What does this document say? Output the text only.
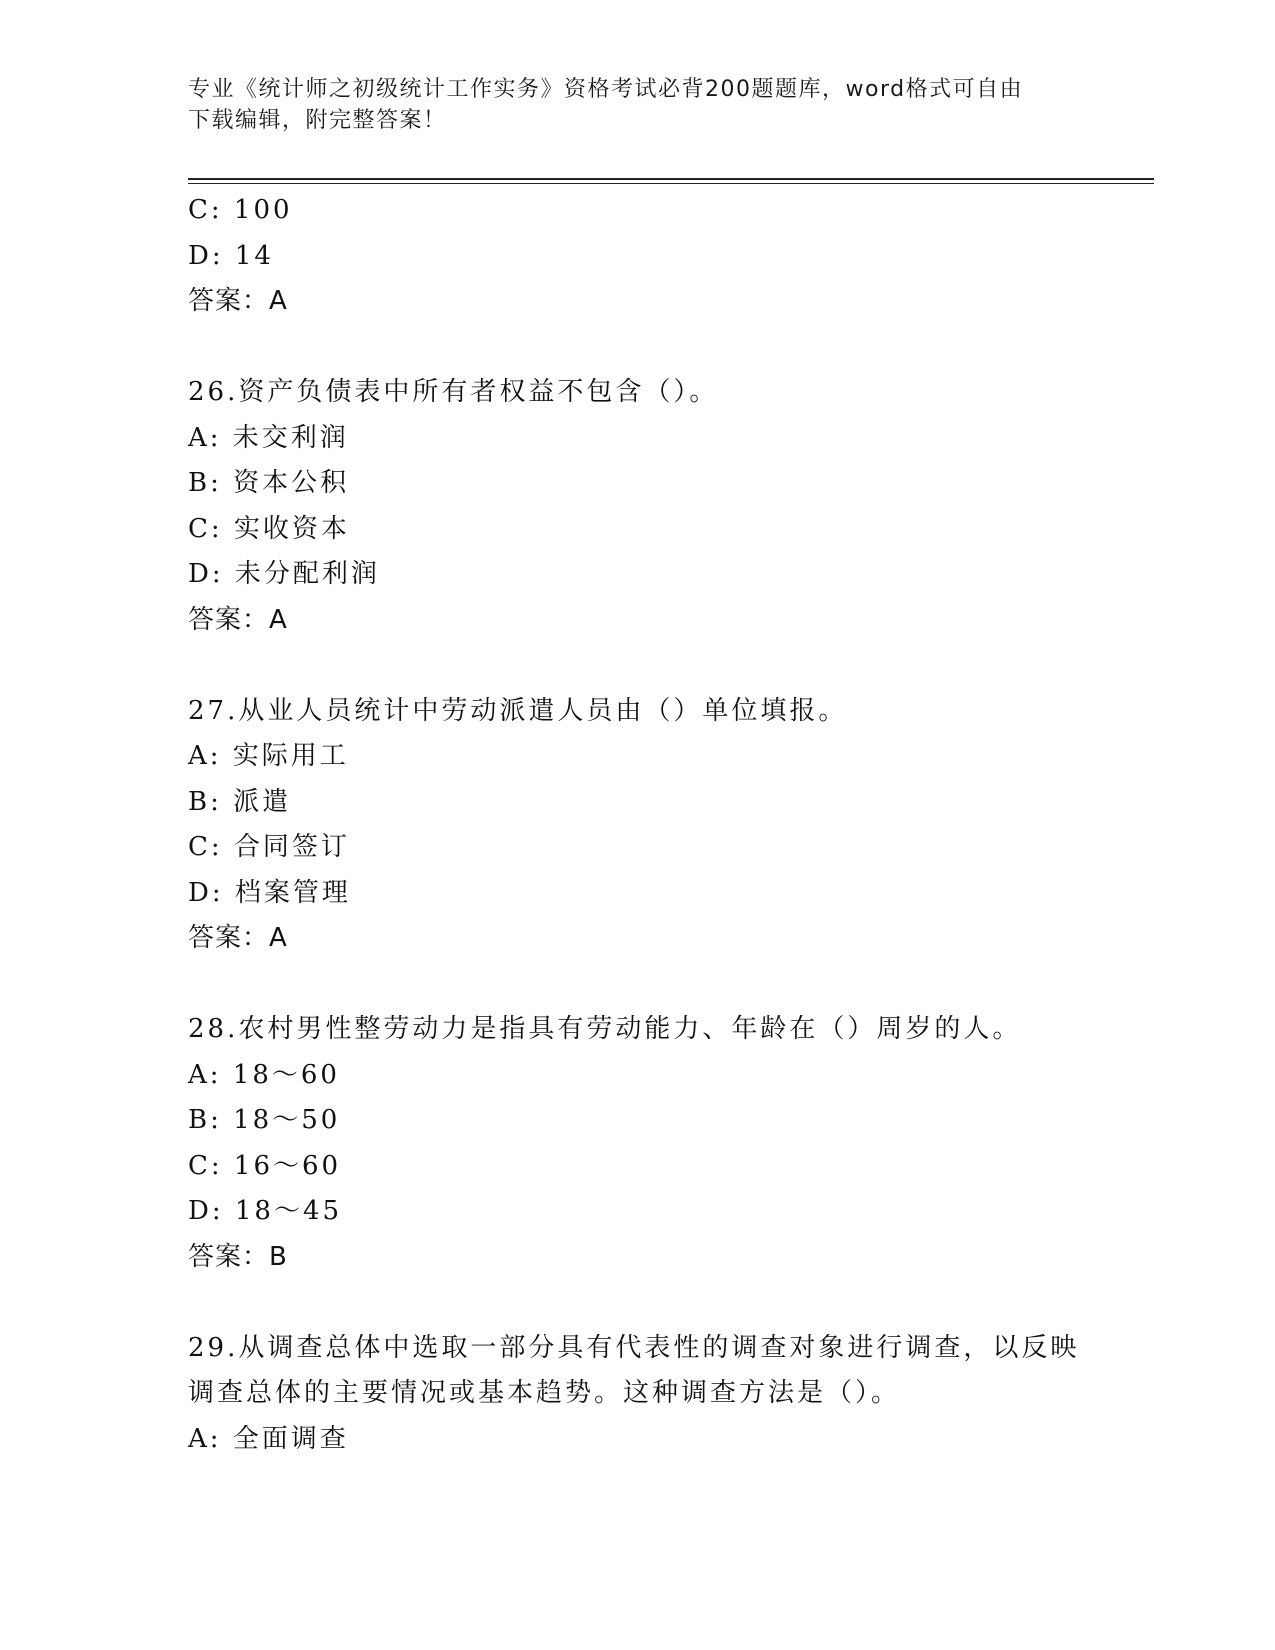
专业《统计师之初级统计工作实务》资格考试必背200题题库，word格式可自由
下载编辑，附完整答案！
C: 100
D: 14
答案：A
26.资产负债表中所有者权益不包含（）。
A: 未交利润
B: 资本公积
C: 实收资本
D: 未分配利润
答案：A
27.从业人员统计中劳动派遣人员由（）单位填报。
A: 实际用工
B: 派遣
C: 合同签订
D: 档案管理
答案：A
28.农村男性整劳动力是指具有劳动能力、年龄在（）周岁的人。
A: 18～60
B: 18～50
C: 16～60
D: 18～45
答案：B
29.从调查总体中选取一部分具有代表性的调查对象进行调查，以反映
调查总体的主要情况或基本趋势。这种调查方法是（）。
A: 全面调查
